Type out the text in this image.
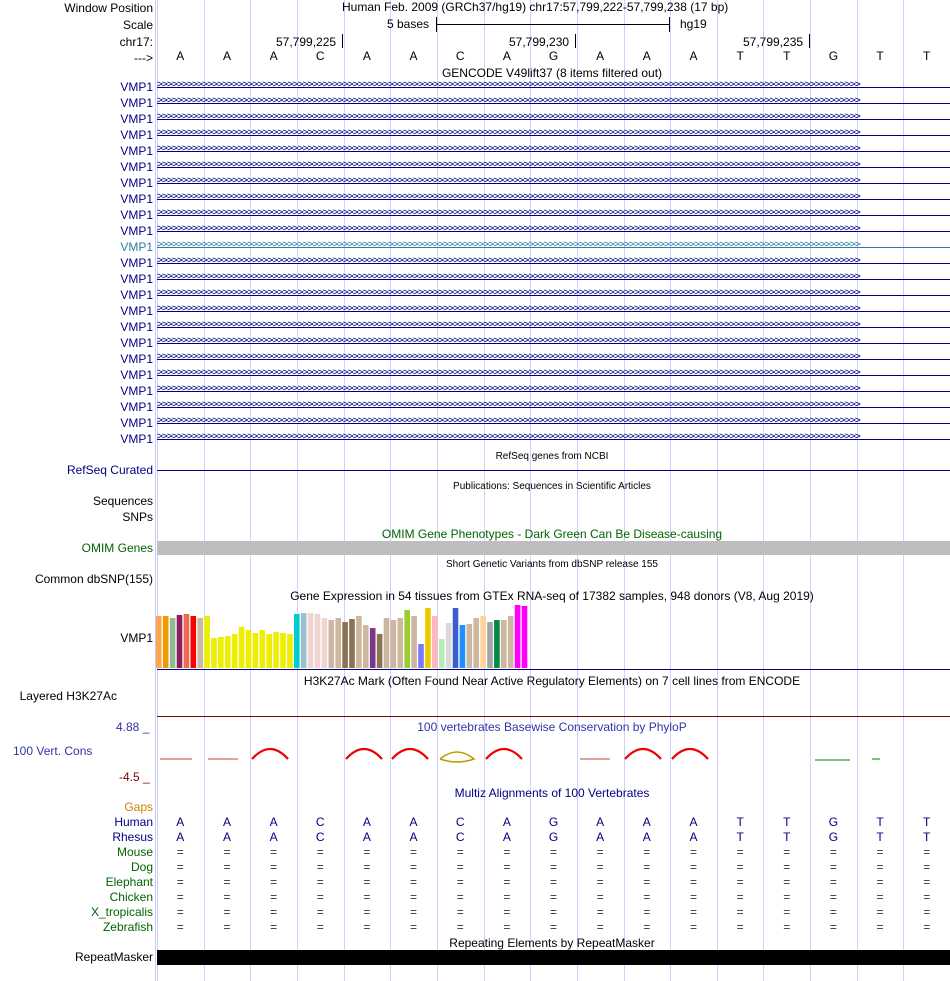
Window Position	Human Feb. 2009 (GRCh37/hg19) chr17:57,799,222-57,799,238 (17 bp)
Scale	5 bases	hg19
chr17:	57,799,225	57,799,230	57,799,235
---> A	A	A	C	A	A	C	A	G	A	A	A	T	T	G	T	T
GENCODE V49lift37 (8 items filtered out)
VMP1 >>>>>>>>>>>>>>>>>>>>>>>>>>>>>>>>>>>>>>>>>>>>>>>>>>>>>>>>>>>>>>>>>>>>>>>>>>>>>>>>>>>>>>>>>>>>>>>>>>>>>>>>>>>>>>>>>>>>>>>>>>>>>>>>>>>>>>>>>>>>
VMP1 >>>>>>>>>>>>>>>>>>>>>>>>>>>>>>>>>>>>>>>>>>>>>>>>>>>>>>>>>>>>>>>>>>>>>>>>>>>>>>>>>>>>>>>>>>>>>>>>>>>>>>>>>>>>>>>>>>>>>>>>>>>>>>>>>>>>>>>>>>>>
VMP1 >>>>>>>>>>>>>>>>>>>>>>>>>>>>>>>>>>>>>>>>>>>>>>>>>>>>>>>>>>>>>>>>>>>>>>>>>>>>>>>>>>>>>>>>>>>>>>>>>>>>>>>>>>>>>>>>>>>>>>>>>>>>>>>>>>>>>>>>>>>>
VMP1 >>>>>>>>>>>>>>>>>>>>>>>>>>>>>>>>>>>>>>>>>>>>>>>>>>>>>>>>>>>>>>>>>>>>>>>>>>>>>>>>>>>>>>>>>>>>>>>>>>>>>>>>>>>>>>>>>>>>>>>>>>>>>>>>>>>>>>>>>>>>
VMP1 >>>>>>>>>>>>>>>>>>>>>>>>>>>>>>>>>>>>>>>>>>>>>>>>>>>>>>>>>>>>>>>>>>>>>>>>>>>>>>>>>>>>>>>>>>>>>>>>>>>>>>>>>>>>>>>>>>>>>>>>>>>>>>>>>>>>>>>>>>>>
VMP1 >>>>>>>>>>>>>>>>>>>>>>>>>>>>>>>>>>>>>>>>>>>>>>>>>>>>>>>>>>>>>>>>>>>>>>>>>>>>>>>>>>>>>>>>>>>>>>>>>>>>>>>>>>>>>>>>>>>>>>>>>>>>>>>>>>>>>>>>>>>>
VMP1 >>>>>>>>>>>>>>>>>>>>>>>>>>>>>>>>>>>>>>>>>>>>>>>>>>>>>>>>>>>>>>>>>>>>>>>>>>>>>>>>>>>>>>>>>>>>>>>>>>>>>>>>>>>>>>>>>>>>>>>>>>>>>>>>>>>>>>>>>>>>
VMP1 >>>>>>>>>>>>>>>>>>>>>>>>>>>>>>>>>>>>>>>>>>>>>>>>>>>>>>>>>>>>>>>>>>>>>>>>>>>>>>>>>>>>>>>>>>>>>>>>>>>>>>>>>>>>>>>>>>>>>>>>>>>>>>>>>>>>>>>>>>>>
VMP1 >>>>>>>>>>>>>>>>>>>>>>>>>>>>>>>>>>>>>>>>>>>>>>>>>>>>>>>>>>>>>>>>>>>>>>>>>>>>>>>>>>>>>>>>>>>>>>>>>>>>>>>>>>>>>>>>>>>>>>>>>>>>>>>>>>>>>>>>>>>>
VMP1 >>>>>>>>>>>>>>>>>>>>>>>>>>>>>>>>>>>>>>>>>>>>>>>>>>>>>>>>>>>>>>>>>>>>>>>>>>>>>>>>>>>>>>>>>>>>>>>>>>>>>>>>>>>>>>>>>>>>>>>>>>>>>>>>>>>>>>>>>>>>
VMP1 >>>>>>>>>>>>>>>>>>>>>>>>>>>>>>>>>>>>>>>>>>>>>>>>>>>>>>>>>>>>>>>>>>>>>>>>>>>>>>>>>>>>>>>>>>>>>>>>>>>>>>>>>>>>>>>>>>>>>>>>>>>>>>>>>>>>>>>>>>>>
VMP1 >>>>>>>>>>>>>>>>>>>>>>>>>>>>>>>>>>>>>>>>>>>>>>>>>>>>>>>>>>>>>>>>>>>>>>>>>>>>>>>>>>>>>>>>>>>>>>>>>>>>>>>>>>>>>>>>>>>>>>>>>>>>>>>>>>>>>>>>>>>>
VMP1 >>>>>>>>>>>>>>>>>>>>>>>>>>>>>>>>>>>>>>>>>>>>>>>>>>>>>>>>>>>>>>>>>>>>>>>>>>>>>>>>>>>>>>>>>>>>>>>>>>>>>>>>>>>>>>>>>>>>>>>>>>>>>>>>>>>>>>>>>>>>
VMP1 >>>>>>>>>>>>>>>>>>>>>>>>>>>>>>>>>>>>>>>>>>>>>>>>>>>>>>>>>>>>>>>>>>>>>>>>>>>>>>>>>>>>>>>>>>>>>>>>>>>>>>>>>>>>>>>>>>>>>>>>>>>>>>>>>>>>>>>>>>>>
VMP1 >>>>>>>>>>>>>>>>>>>>>>>>>>>>>>>>>>>>>>>>>>>>>>>>>>>>>>>>>>>>>>>>>>>>>>>>>>>>>>>>>>>>>>>>>>>>>>>>>>>>>>>>>>>>>>>>>>>>>>>>>>>>>>>>>>>>>>>>>>>>
VMP1 >>>>>>>>>>>>>>>>>>>>>>>>>>>>>>>>>>>>>>>>>>>>>>>>>>>>>>>>>>>>>>>>>>>>>>>>>>>>>>>>>>>>>>>>>>>>>>>>>>>>>>>>>>>>>>>>>>>>>>>>>>>>>>>>>>>>>>>>>>>>
VMP1 >>>>>>>>>>>>>>>>>>>>>>>>>>>>>>>>>>>>>>>>>>>>>>>>>>>>>>>>>>>>>>>>>>>>>>>>>>>>>>>>>>>>>>>>>>>>>>>>>>>>>>>>>>>>>>>>>>>>>>>>>>>>>>>>>>>>>>>>>>>>
VMP1 >>>>>>>>>>>>>>>>>>>>>>>>>>>>>>>>>>>>>>>>>>>>>>>>>>>>>>>>>>>>>>>>>>>>>>>>>>>>>>>>>>>>>>>>>>>>>>>>>>>>>>>>>>>>>>>>>>>>>>>>>>>>>>>>>>>>>>>>>>>>
VMP1 >>>>>>>>>>>>>>>>>>>>>>>>>>>>>>>>>>>>>>>>>>>>>>>>>>>>>>>>>>>>>>>>>>>>>>>>>>>>>>>>>>>>>>>>>>>>>>>>>>>>>>>>>>>>>>>>>>>>>>>>>>>>>>>>>>>>>>>>>>>>
VMP1 >>>>>>>>>>>>>>>>>>>>>>>>>>>>>>>>>>>>>>>>>>>>>>>>>>>>>>>>>>>>>>>>>>>>>>>>>>>>>>>>>>>>>>>>>>>>>>>>>>>>>>>>>>>>>>>>>>>>>>>>>>>>>>>>>>>>>>>>>>>>
VMP1 >>>>>>>>>>>>>>>>>>>>>>>>>>>>>>>>>>>>>>>>>>>>>>>>>>>>>>>>>>>>>>>>>>>>>>>>>>>>>>>>>>>>>>>>>>>>>>>>>>>>>>>>>>>>>>>>>>>>>>>>>>>>>>>>>>>>>>>>>>>>
VMP1 >>>>>>>>>>>>>>>>>>>>>>>>>>>>>>>>>>>>>>>>>>>>>>>>>>>>>>>>>>>>>>>>>>>>>>>>>>>>>>>>>>>>>>>>>>>>>>>>>>>>>>>>>>>>>>>>>>>>>>>>>>>>>>>>>>>>>>>>>>>>
VMP1 >>>>>>>>>>>>>>>>>>>>>>>>>>>>>>>>>>>>>>>>>>>>>>>>>>>>>>>>>>>>>>>>>>>>>>>>>>>>>>>>>>>>>>>>>>>>>>>>>>>>>>>>>>>>>>>>>>>>>>>>>>>>>>>>>>>>>>>>>>>>
RefSeq genes from NCBI
RefSeq Curated
Publications: Sequences in Scientific Articles
Sequences
SNPs
OMIM Gene Phenotypes - Dark Green Can Be Disease-causing
OMIM Genes
Short Genetic Variants from dbSNP release 155
Common dbSNP(155)
Gene Expression in 54 tissues from GTEx RNA-seq of 17382 samples, 948 donors (V8, Aug 2019)
VMP1
H3K27Ac Mark (Often Found Near Active Regulatory Elements) on 7 cell lines from ENCODE
Layered H3K27Ac
100 vertebrates Basewise Conservation by PhyloP
4.88 _
100 Vert. Cons
-4.5 _
Multiz Alignments of 100 Vertebrates
Gaps
Human A	A	A	C	A	A	C	A	G	A	A	A	T	T	G	T	T
Rhesus A	A	A	C	A	A	C	A	G	A	A	A	T	T	G	T	T
Mouse =	=	=	=	=	=	=	=	=	=	=	=	=	=	=	=	=
Dog =	=	=	=	=	=	=	=	=	=	=	=	=	=	=	=	=
Elephant =	=	=	=	=	=	=	=	=	=	=	=	=	=	=	=	=
Chicken =	=	=	=	=	=	=	=	=	=	=	=	=	=	=	=	=
X_tropicalis =	=	=	=	=	=	=	=	=	=	=	=	=	=	=	=	=
Zebrafish =	=	=	=	=	=	=	=	=	=	=	=	=	=	=	=	=
Repeating Elements by RepeatMasker
RepeatMasker
